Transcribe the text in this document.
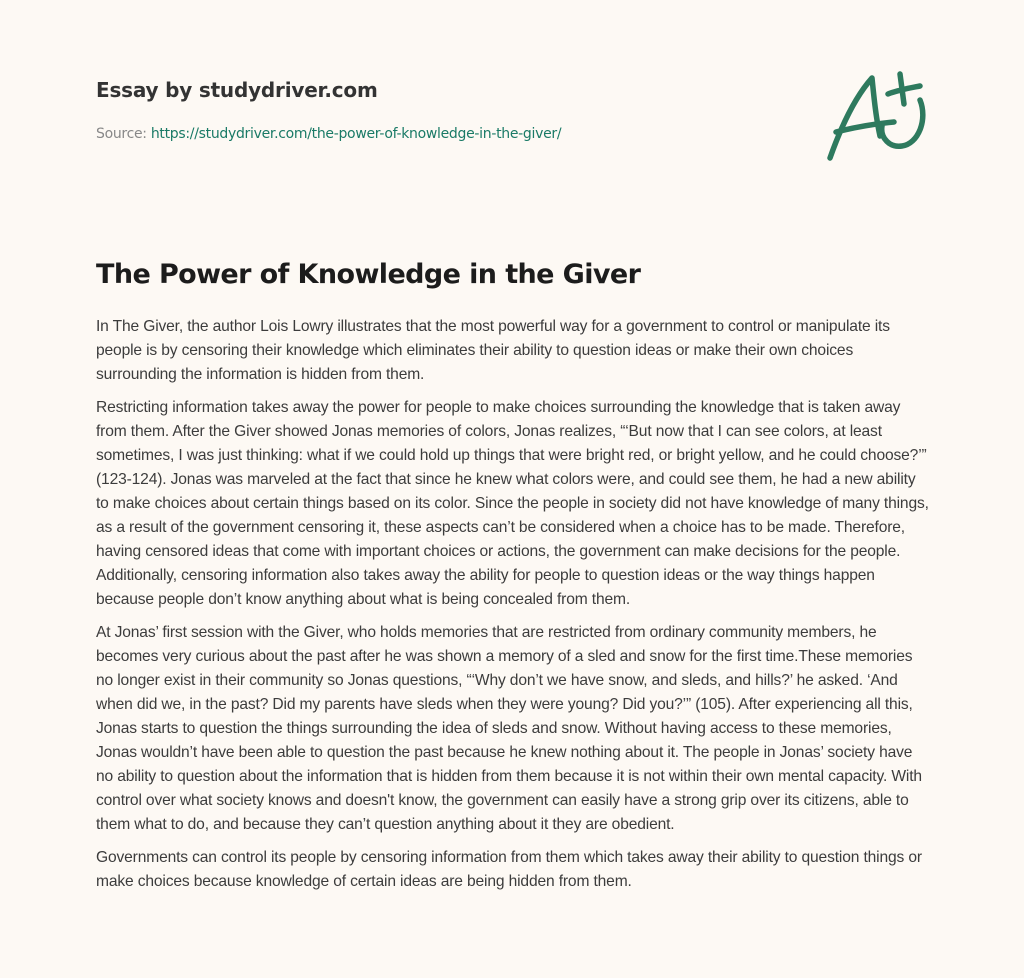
Essay by studydriver.com
Source: https://studydriver.com/the-power-of-knowledge-in-the-giver/
The Power of Knowledge in the Giver

In The Giver, the author Lois Lowry illustrates that the most powerful way for a government to control or manipulate its people is by censoring their knowledge which eliminates their ability to question ideas or make their own choices surrounding the information is hidden from them.

Restricting information takes away the power for people to make choices surrounding the knowledge that is taken away from them. After the Giver showed Jonas memories of colors, Jonas realizes, “‘But now that I can see colors, at least sometimes, I was just thinking: what if we could hold up things that were bright red, or bright yellow, and he could choose?’” (123-124). Jonas was marveled at the fact that since he knew what colors were, and could see them, he had a new ability to make choices about certain things based on its color. Since the people in society did not have knowledge of many things, as a result of the government censoring it, these aspects can’t be considered when a choice has to be made. Therefore, having censored ideas that come with important choices or actions, the government can make decisions for the people. Additionally, censoring information also takes away the ability for people to question ideas or the way things happen because people don’t know anything about what is being concealed from them.

At Jonas’ first session with the Giver, who holds memories that are restricted from ordinary community members, he becomes very curious about the past after he was shown a memory of a sled and snow for the first time.These memories no longer exist in their community so Jonas questions, “‘Why don’t we have snow, and sleds, and hills?’ he asked. ‘And when did we, in the past? Did my parents have sleds when they were young? Did you?’” (105). After experiencing all this, Jonas starts to question the things surrounding the idea of sleds and snow. Without having access to these memories, Jonas wouldn’t have been able to question the past because he knew nothing about it. The people in Jonas’ society have no ability to question about the information that is hidden from them because it is not within their own mental capacity. With control over what society knows and doesn't know, the government can easily have a strong grip over its citizens, able to them what to do, and because they can’t question anything about it they are obedient.

Governments can control its people by censoring information from them which takes away their ability to question things or make choices because knowledge of certain ideas are being hidden from them.
